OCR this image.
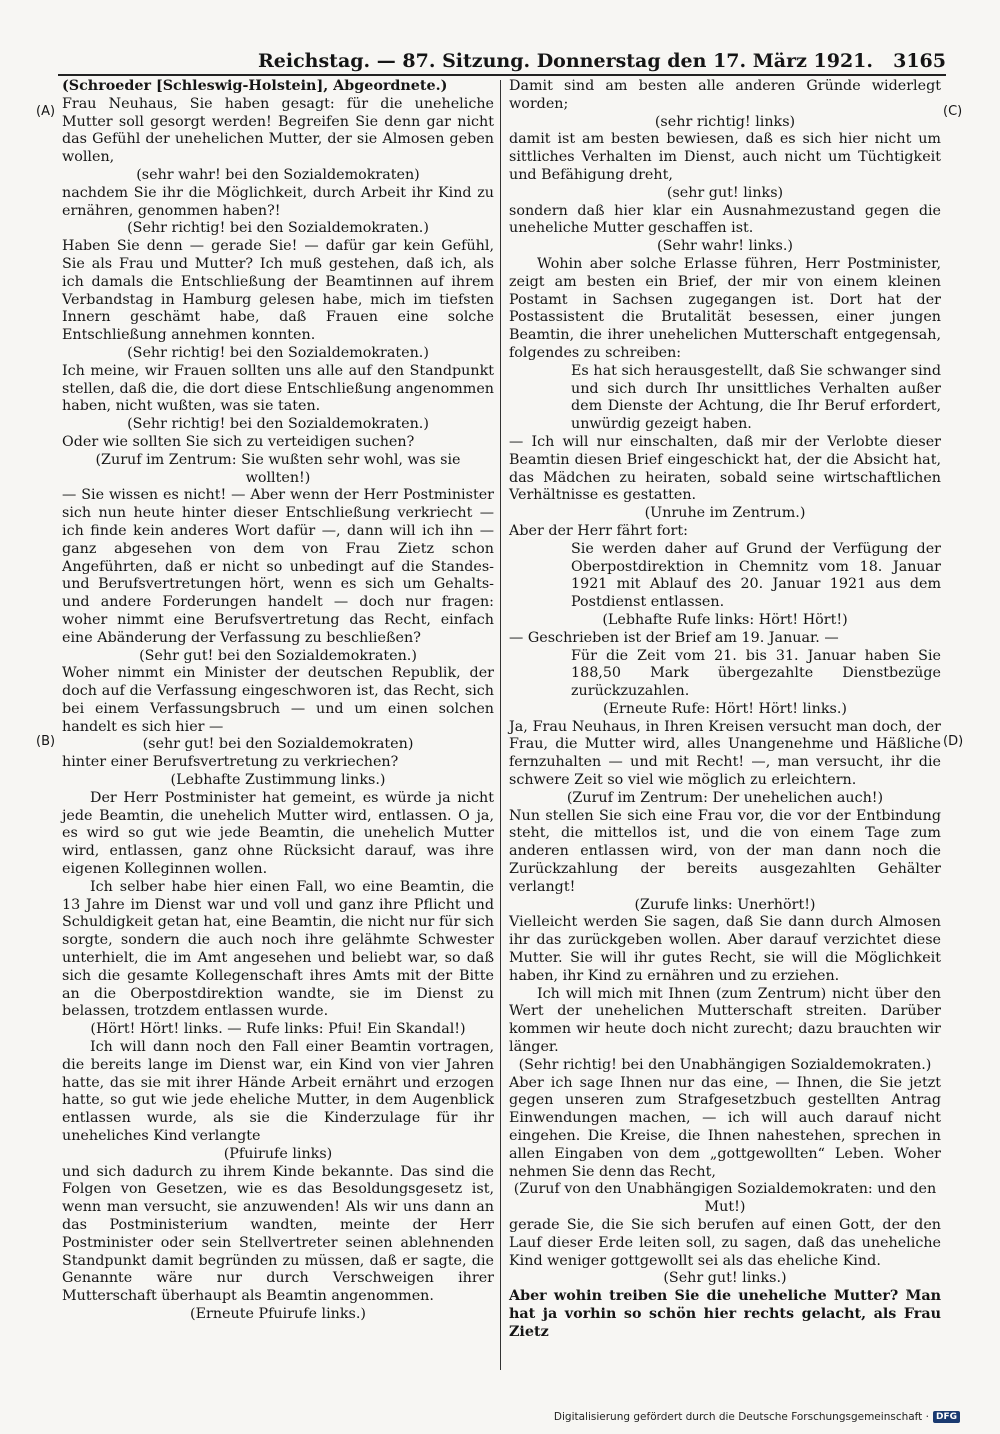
Reichstag. — 87. Sitzung. Donnerstag den 17. März 1921. 3165
(A)
(B)
(C)
(D)

(Schroeder [Schleswig-Holstein], Abgeordnete.)

Frau Neuhaus, Sie haben gesagt: für die uneheliche Mutter soll gesorgt werden! Begreifen Sie denn gar nicht das Gefühl der unehelichen Mutter, der sie Almosen geben wollen,

(sehr wahr! bei den Sozialdemokraten)

nachdem Sie ihr die Möglichkeit, durch Arbeit ihr Kind zu ernähren, genommen haben?!

(Sehr richtig! bei den Sozialdemokraten.)

Haben Sie denn — gerade Sie! — dafür gar kein Gefühl, Sie als Frau und Mutter? Ich muß gestehen, daß ich, als ich damals die Entschließung der Beamtinnen auf ihrem Verbandstag in Hamburg gelesen habe, mich im tiefsten Innern geschämt habe, daß Frauen eine solche Entschließung annehmen konnten.

(Sehr richtig! bei den Sozialdemokraten.)

Ich meine, wir Frauen sollten uns alle auf den Standpunkt stellen, daß die, die dort diese Entschließung angenommen haben, nicht wußten, was sie taten.

(Sehr richtig! bei den Sozialdemokraten.)

Oder wie sollten Sie sich zu verteidigen suchen?

(Zuruf im Zentrum: Sie wußten sehr wohl, was sie wollten!)

— Sie wissen es nicht! — Aber wenn der Herr Postminister sich nun heute hinter dieser Entschließung verkriecht — ich finde kein anderes Wort dafür —, dann will ich ihn — ganz abgesehen von dem von Frau Zietz schon Angeführten, daß er nicht so unbedingt auf die Standes- und Berufsvertretungen hört, wenn es sich um Gehalts- und andere Forderungen handelt — doch nur fragen: woher nimmt eine Berufsvertretung das Recht, einfach eine Abänderung der Verfassung zu beschließen?

(Sehr gut! bei den Sozialdemokraten.)

Woher nimmt ein Minister der deutschen Republik, der doch auf die Verfassung eingeschworen ist, das Recht, sich bei einem Verfassungsbruch — und um einen solchen handelt es sich hier —

(sehr gut! bei den Sozialdemokraten)

hinter einer Berufsvertretung zu verkriechen?

(Lebhafte Zustimmung links.)

Der Herr Postminister hat gemeint, es würde ja nicht jede Beamtin, die unehelich Mutter wird, entlassen. O ja, es wird so gut wie jede Beamtin, die unehelich Mutter wird, entlassen, ganz ohne Rücksicht darauf, was ihre eigenen Kolleginnen wollen.

Ich selber habe hier einen Fall, wo eine Beamtin, die 13 Jahre im Dienst war und voll und ganz ihre Pflicht und Schuldigkeit getan hat, eine Beamtin, die nicht nur für sich sorgte, sondern die auch noch ihre gelähmte Schwester unterhielt, die im Amt angesehen und beliebt war, so daß sich die gesamte Kollegenschaft ihres Amts mit der Bitte an die Oberpostdirektion wandte, sie im Dienst zu belassen, trotzdem entlassen wurde.

(Hört! Hört! links. — Rufe links: Pfui! Ein Skandal!)

Ich will dann noch den Fall einer Beamtin vortragen, die bereits lange im Dienst war, ein Kind von vier Jahren hatte, das sie mit ihrer Hände Arbeit ernährt und erzogen hatte, so gut wie jede eheliche Mutter, in dem Augenblick entlassen wurde, als sie die Kinderzulage für ihr uneheliches Kind verlangte

(Pfuirufe links)

und sich dadurch zu ihrem Kinde bekannte. Das sind die Folgen von Gesetzen, wie es das Besoldungsgesetz ist, wenn man versucht, sie anzuwenden! Als wir uns dann an das Postministerium wandten, meinte der Herr Postminister oder sein Stellvertreter seinen ablehnenden Standpunkt damit begründen zu müssen, daß er sagte, die Genannte wäre nur durch Verschweigen ihrer Mutterschaft überhaupt als Beamtin angenommen.

(Erneute Pfuirufe links.)

Damit sind am besten alle anderen Gründe widerlegt worden;

(sehr richtig! links)

damit ist am besten bewiesen, daß es sich hier nicht um sittliches Verhalten im Dienst, auch nicht um Tüchtigkeit und Befähigung dreht,

(sehr gut! links)

sondern daß hier klar ein Ausnahmezustand gegen die uneheliche Mutter geschaffen ist.

(Sehr wahr! links.)

Wohin aber solche Erlasse führen, Herr Postminister, zeigt am besten ein Brief, der mir von einem kleinen Postamt in Sachsen zugegangen ist. Dort hat der Postassistent die Brutalität besessen, einer jungen Beamtin, die ihrer unehelichen Mutterschaft entgegensah, folgendes zu schreiben:

Es hat sich herausgestellt, daß Sie schwanger sind und sich durch Ihr unsittliches Verhalten außer dem Dienste der Achtung, die Ihr Beruf erfordert, unwürdig gezeigt haben.

— Ich will nur einschalten, daß mir der Verlobte dieser Beamtin diesen Brief eingeschickt hat, der die Absicht hat, das Mädchen zu heiraten, sobald seine wirtschaftlichen Verhältnisse es gestatten.

(Unruhe im Zentrum.)

Aber der Herr fährt fort:

Sie werden daher auf Grund der Verfügung der Oberpostdirektion in Chemnitz vom 18. Januar 1921 mit Ablauf des 20. Januar 1921 aus dem Postdienst entlassen.

(Lebhafte Rufe links: Hört! Hört!)

— Geschrieben ist der Brief am 19. Januar. —

Für die Zeit vom 21. bis 31. Januar haben Sie 188,50 Mark übergezahlte Dienstbezüge zurückzuzahlen.

(Erneute Rufe: Hört! Hört! links.)

Ja, Frau Neuhaus, in Ihren Kreisen versucht man doch, der Frau, die Mutter wird, alles Unangenehme und Häßliche fernzuhalten — und mit Recht! —, man versucht, ihr die schwere Zeit so viel wie möglich zu erleichtern.

(Zuruf im Zentrum: Der unehelichen auch!)

Nun stellen Sie sich eine Frau vor, die vor der Entbindung steht, die mittellos ist, und die von einem Tage zum anderen entlassen wird, von der man dann noch die Zurückzahlung der bereits ausgezahlten Gehälter verlangt!

(Zurufe links: Unerhört!)

Vielleicht werden Sie sagen, daß Sie dann durch Almosen ihr das zurückgeben wollen. Aber darauf verzichtet diese Mutter. Sie will ihr gutes Recht, sie will die Möglichkeit haben, ihr Kind zu ernähren und zu erziehen.

Ich will mich mit Ihnen (zum Zentrum) nicht über den Wert der unehelichen Mutterschaft streiten. Darüber kommen wir heute doch nicht zurecht; dazu brauchten wir länger.

(Sehr richtig! bei den Unabhängigen Sozialdemokraten.)

Aber ich sage Ihnen nur das eine, — Ihnen, die Sie jetzt gegen unseren zum Strafgesetzbuch gestellten Antrag Einwendungen machen, — ich will auch darauf nicht eingehen. Die Kreise, die Ihnen nahestehen, sprechen in allen Eingaben von dem „gottgewollten“ Leben. Woher nehmen Sie denn das Recht,

(Zuruf von den Unabhängigen Sozialdemokraten: und den Mut!)

gerade Sie, die Sie sich berufen auf einen Gott, der den Lauf dieser Erde leiten soll, zu sagen, daß das uneheliche Kind weniger gottgewollt sei als das eheliche Kind.

(Sehr gut! links.)

Aber wohin treiben Sie die uneheliche Mutter? Man hat ja vorhin so schön hier rechts gelacht, als Frau Zietz

Digitalisierung gefördert durch die Deutsche Forschungsgemeinschaft · DFG
